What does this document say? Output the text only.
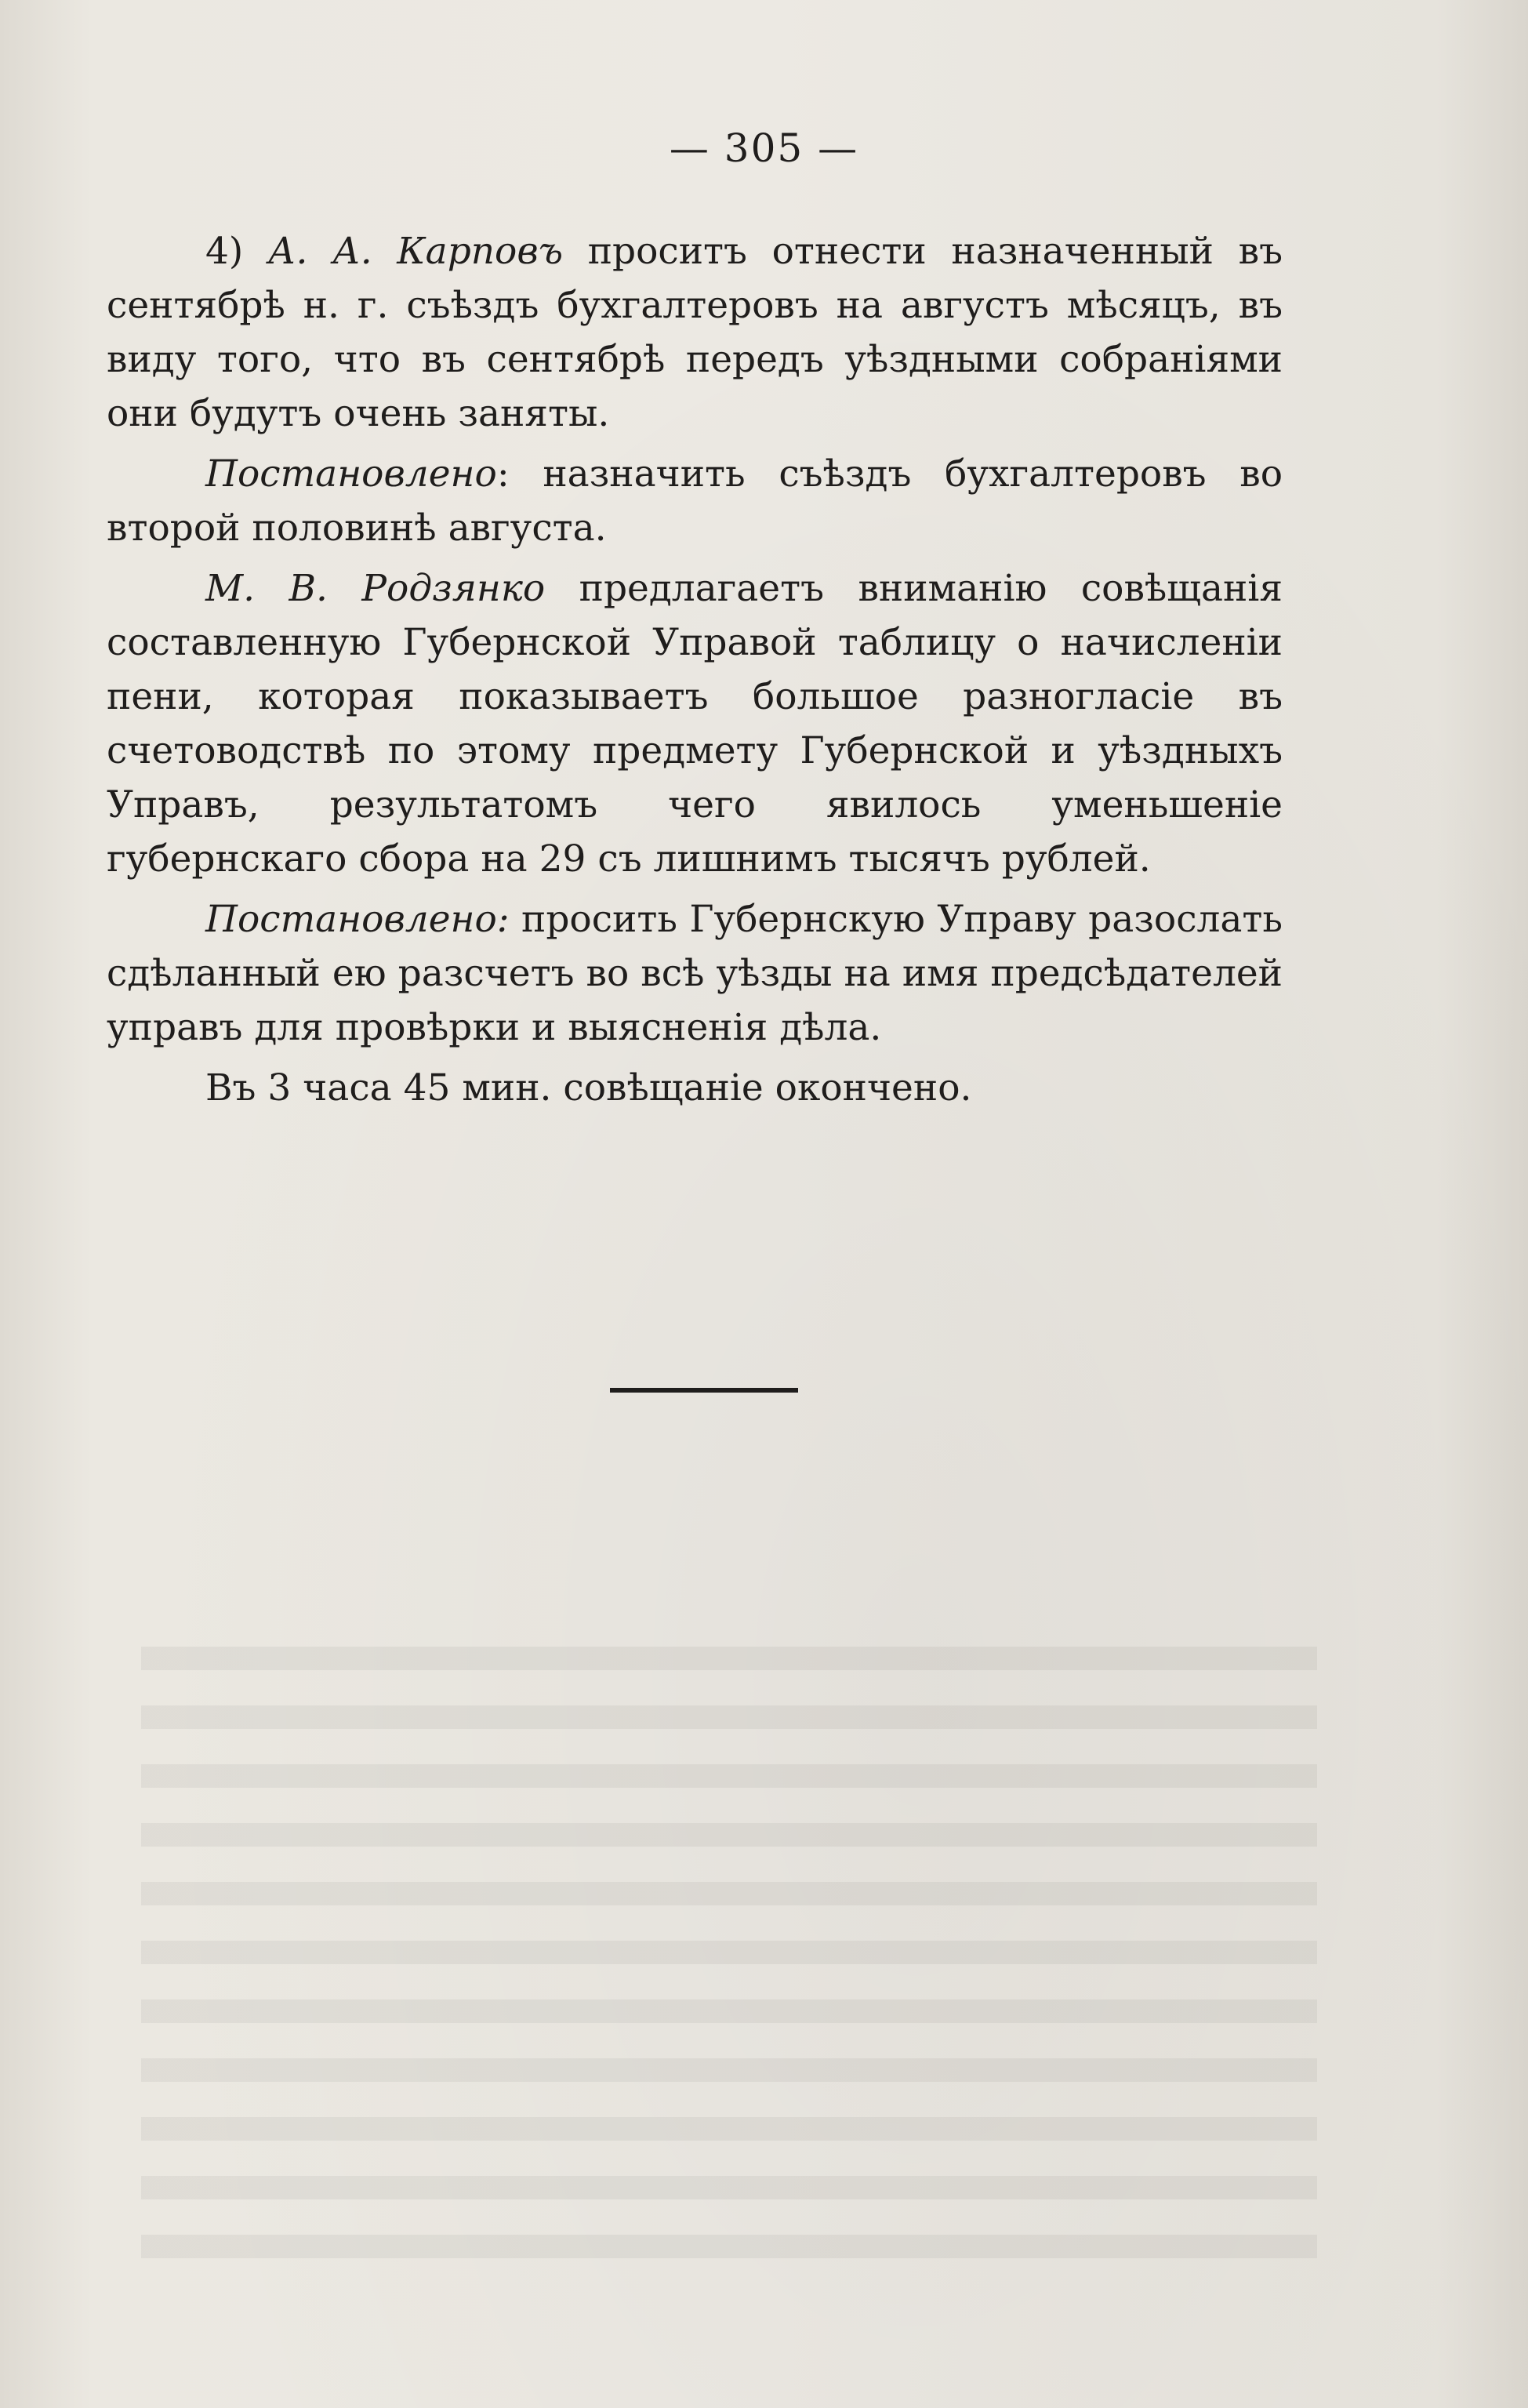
— 305 —

4) А. А. Карповъ проситъ отнести назначенный въ сентябрѣ н. г. съѣздъ бухгалтеровъ на августъ мѣсяцъ, въ виду того, что въ сентябрѣ передъ уѣздными собраніями они будутъ очень заняты.

Постановлено: назначить съѣздъ бухгалтеровъ во второй половинѣ августа.

М. В. Родзянко предлагаетъ вниманію совѣщанія составленную Губернской Управой таблицу о начисленіи пени, которая показываетъ большое разногласіе въ счетоводствѣ по этому предмету Губернской и уѣздныхъ Управъ, результатомъ чего явилось уменьшеніе губернскаго сбора на 29 съ лишнимъ тысячъ рублей.

Постановлено: просить Губернскую Управу разослать сдѣланный ею разсчетъ во всѣ уѣзды на имя предсѣдателей управъ для провѣрки и выясненія дѣла.

Въ 3 часа 45 мин. совѣщаніе окончено.
